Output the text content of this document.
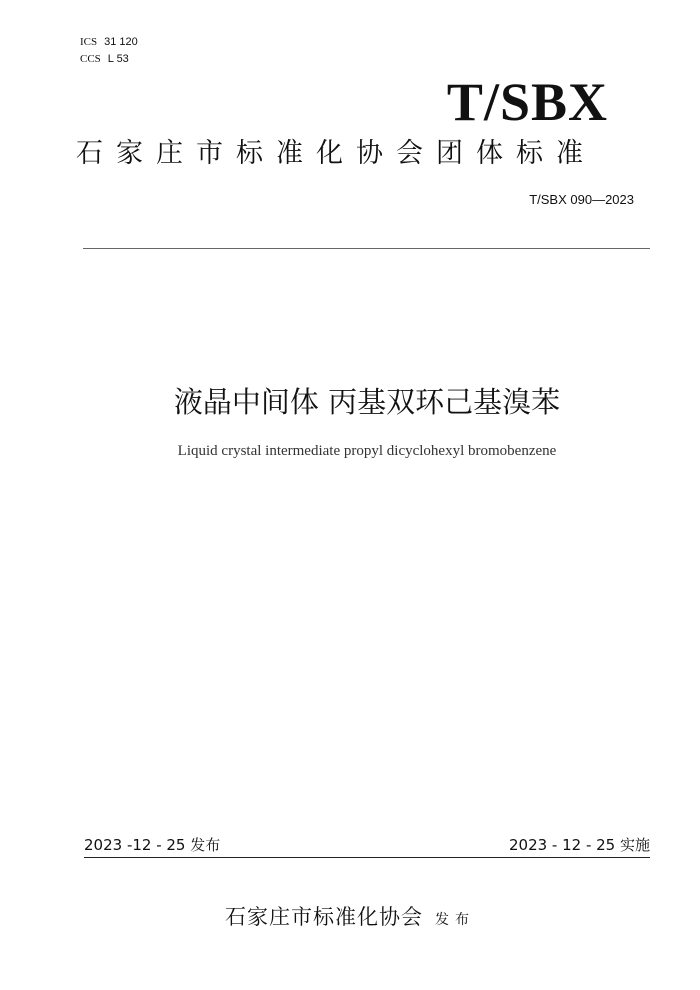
ICS 31 120
CCS L 53
T/SBX
石家庄市标准化协会团体标准
T/SBX 090—2023
液晶中间体 丙基双环己基溴苯
Liquid crystal intermediate propyl dicyclohexyl bromobenzene
2023 -12 - 25 发布	2023 - 12 - 25 实施
石家庄市标准化协会 发布
